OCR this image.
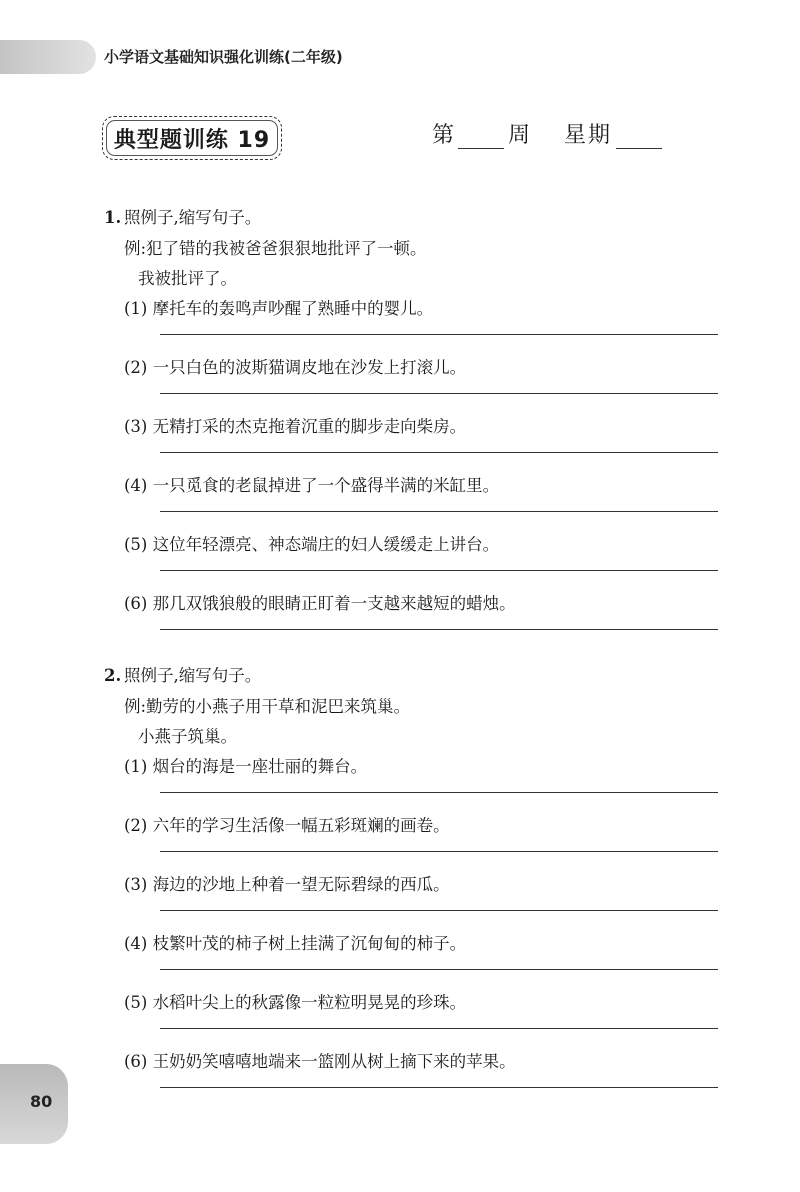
小学语文基础知识强化训练(二年级)
典型题训练 19	第 周 星期
1. 照例子,缩写句子。
例:犯了错的我被爸爸狠狠地批评了一顿。
我被批评了。
(1) 摩托车的轰鸣声吵醒了熟睡中的婴儿。
(2) 一只白色的波斯猫调皮地在沙发上打滚儿。
(3) 无精打采的杰克拖着沉重的脚步走向柴房。
(4) 一只觅食的老鼠掉进了一个盛得半满的米缸里。
(5) 这位年轻漂亮、神态端庄的妇人缓缓走上讲台。
(6) 那几双饿狼般的眼睛正盯着一支越来越短的蜡烛。
2. 照例子,缩写句子。
例:勤劳的小燕子用干草和泥巴来筑巢。
小燕子筑巢。
(1) 烟台的海是一座壮丽的舞台。
(2) 六年的学习生活像一幅五彩斑斓的画卷。
(3) 海边的沙地上种着一望无际碧绿的西瓜。
(4) 枝繁叶茂的柿子树上挂满了沉甸甸的柿子。
(5) 水稻叶尖上的秋露像一粒粒明晃晃的珍珠。
(6) 王奶奶笑嘻嘻地端来一篮刚从树上摘下来的苹果。
80
